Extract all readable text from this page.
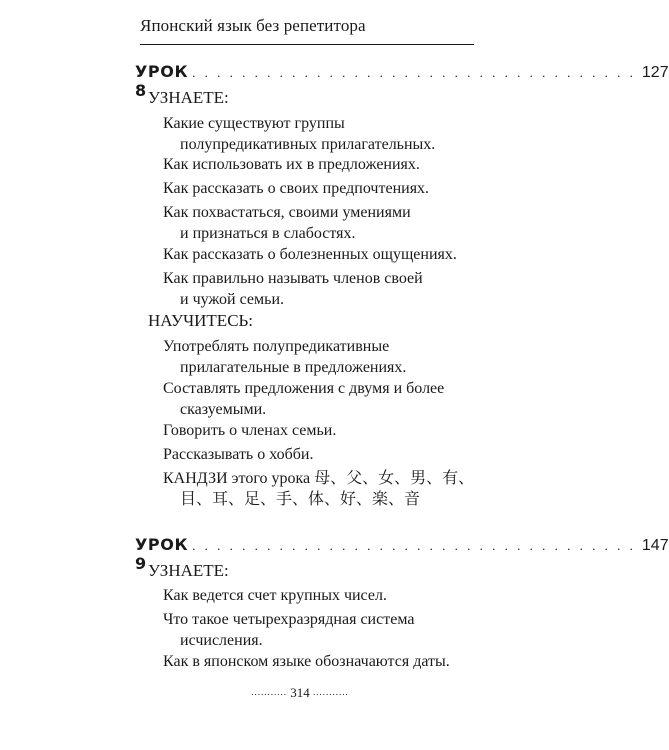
Японский язык без репетитора
УРОК 8
. . . . . . . . . . . . . . . . . . . . . . . . . . . . . . . . . . . . 127
УЗНАЕТЕ:
Какие существуют группы
полупредикативных прилагательных.
Как использовать их в предложениях.
Как рассказать о своих предпочтениях.
Как похвастаться, своими умениями
и признаться в слабостях.
Как рассказать о болезненных ощущениях.
Как правильно называть членов своей
и чужой семьи.
НАУЧИТЕСЬ:
Употреблять полупредикативные
прилагательные в предложениях.
Составлять предложения с двумя и более
сказуемыми.
Говорить о членах семьи.
Рассказывать о хобби.
КАНДЗИ этого урока 母、父、女、男、有、
目、耳、足、手、体、好、楽、音
УРОК 9
. . . . . . . . . . . . . . . . . . . . . . . . . . . . . . . . . . . . 147
УЗНАЕТЕ:
Как ведется счет крупных чисел.
Что такое четырехразрядная система
исчисления.
Как в японском языке обозначаются даты.
........... 314 ...........
